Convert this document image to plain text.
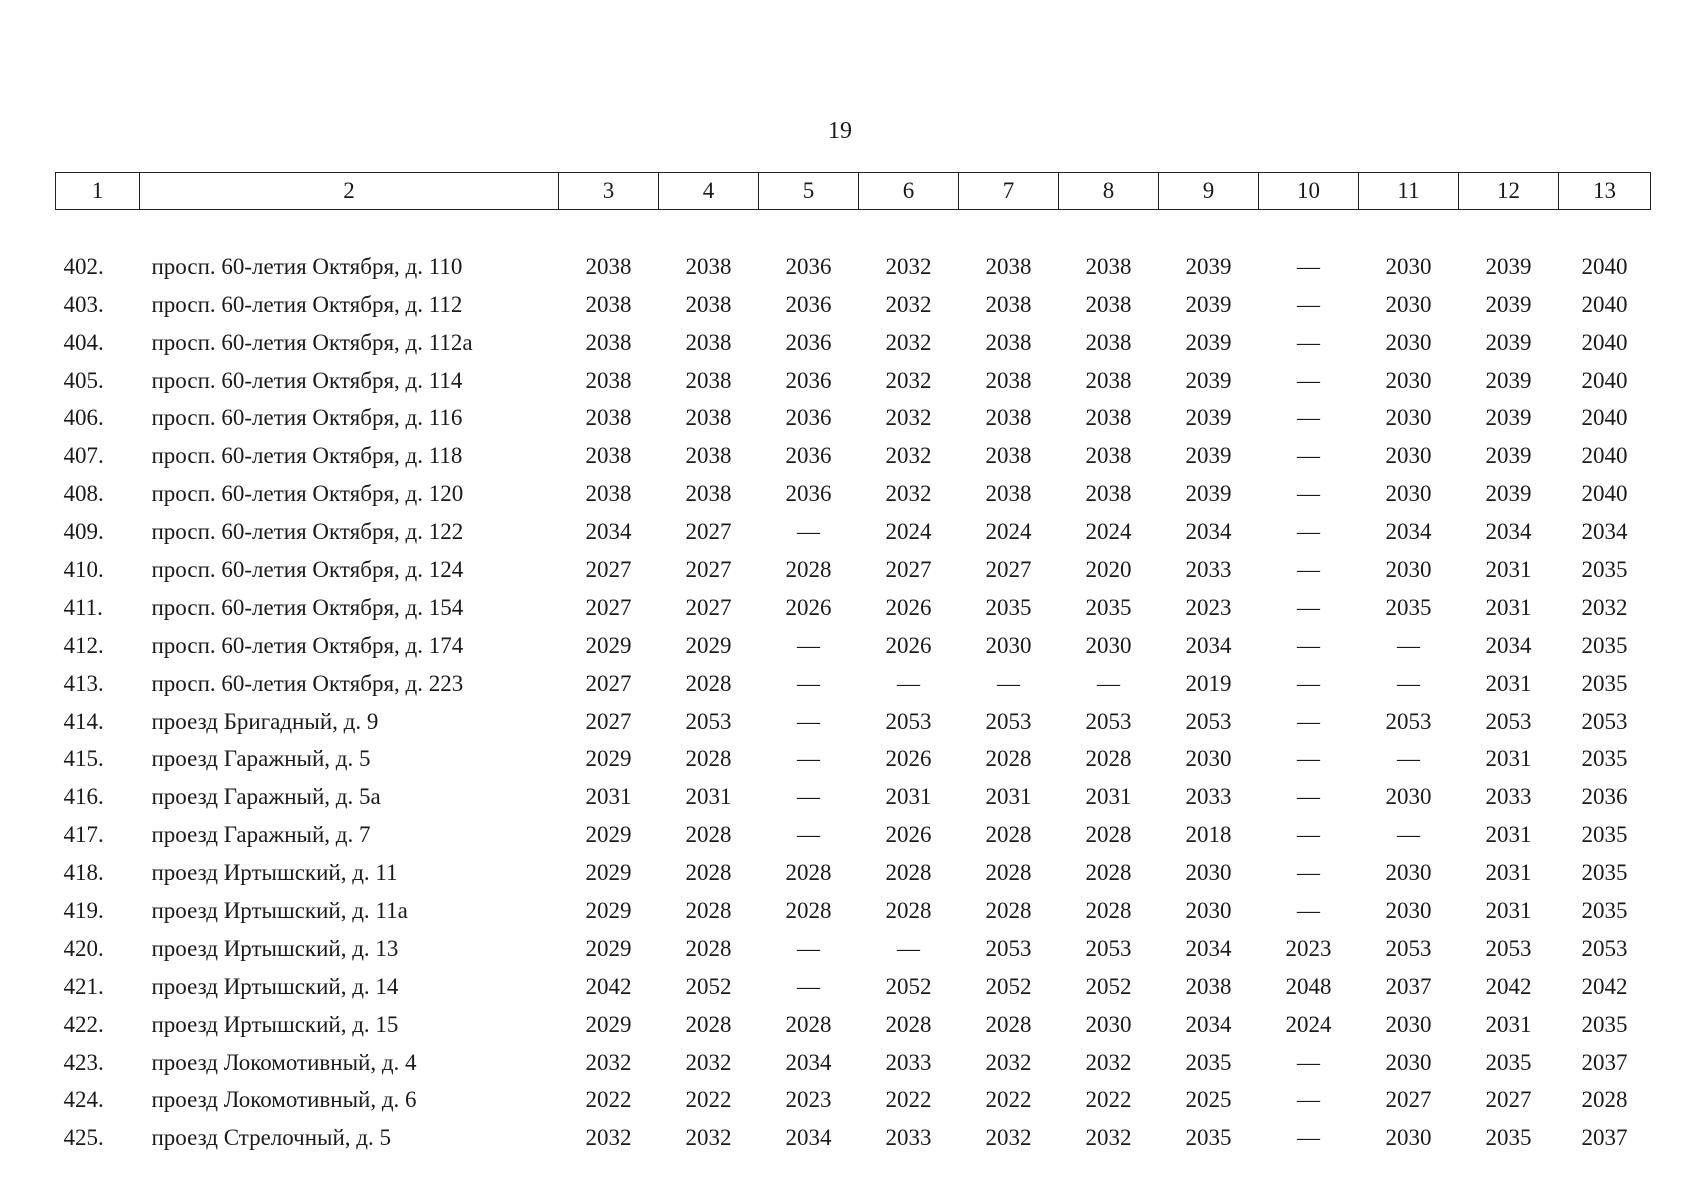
19
1	2	3	4	5	6	7	8	9	10	11	12	13

402.	просп. 60-летия Октября, д. 110	2038	2038	2036	2032	2038	2038	2039	—	2030	2039	2040
403.	просп. 60-летия Октября, д. 112	2038	2038	2036	2032	2038	2038	2039	—	2030	2039	2040
404.	просп. 60-летия Октября, д. 112а	2038	2038	2036	2032	2038	2038	2039	—	2030	2039	2040
405.	просп. 60-летия Октября, д. 114	2038	2038	2036	2032	2038	2038	2039	—	2030	2039	2040
406.	просп. 60-летия Октября, д. 116	2038	2038	2036	2032	2038	2038	2039	—	2030	2039	2040
407.	просп. 60-летия Октября, д. 118	2038	2038	2036	2032	2038	2038	2039	—	2030	2039	2040
408.	просп. 60-летия Октября, д. 120	2038	2038	2036	2032	2038	2038	2039	—	2030	2039	2040
409.	просп. 60-летия Октября, д. 122	2034	2027	—	2024	2024	2024	2034	—	2034	2034	2034
410.	просп. 60-летия Октября, д. 124	2027	2027	2028	2027	2027	2020	2033	—	2030	2031	2035
411.	просп. 60-летия Октября, д. 154	2027	2027	2026	2026	2035	2035	2023	—	2035	2031	2032
412.	просп. 60-летия Октября, д. 174	2029	2029	—	2026	2030	2030	2034	—	—	2034	2035
413.	просп. 60-летия Октября, д. 223	2027	2028	—	—	—	—	2019	—	—	2031	2035
414.	проезд Бригадный, д. 9	2027	2053	—	2053	2053	2053	2053	—	2053	2053	2053
415.	проезд Гаражный, д. 5	2029	2028	—	2026	2028	2028	2030	—	—	2031	2035
416.	проезд Гаражный, д. 5а	2031	2031	—	2031	2031	2031	2033	—	2030	2033	2036
417.	проезд Гаражный, д. 7	2029	2028	—	2026	2028	2028	2018	—	—	2031	2035
418.	проезд Иртышский, д. 11	2029	2028	2028	2028	2028	2028	2030	—	2030	2031	2035
419.	проезд Иртышский, д. 11а	2029	2028	2028	2028	2028	2028	2030	—	2030	2031	2035
420.	проезд Иртышский, д. 13	2029	2028	—	—	2053	2053	2034	2023	2053	2053	2053
421.	проезд Иртышский, д. 14	2042	2052	—	2052	2052	2052	2038	2048	2037	2042	2042
422.	проезд Иртышский, д. 15	2029	2028	2028	2028	2028	2030	2034	2024	2030	2031	2035
423.	проезд Локомотивный, д. 4	2032	2032	2034	2033	2032	2032	2035	—	2030	2035	2037
424.	проезд Локомотивный, д. 6	2022	2022	2023	2022	2022	2022	2025	—	2027	2027	2028
425.	проезд Стрелочный, д. 5	2032	2032	2034	2033	2032	2032	2035	—	2030	2035	2037
